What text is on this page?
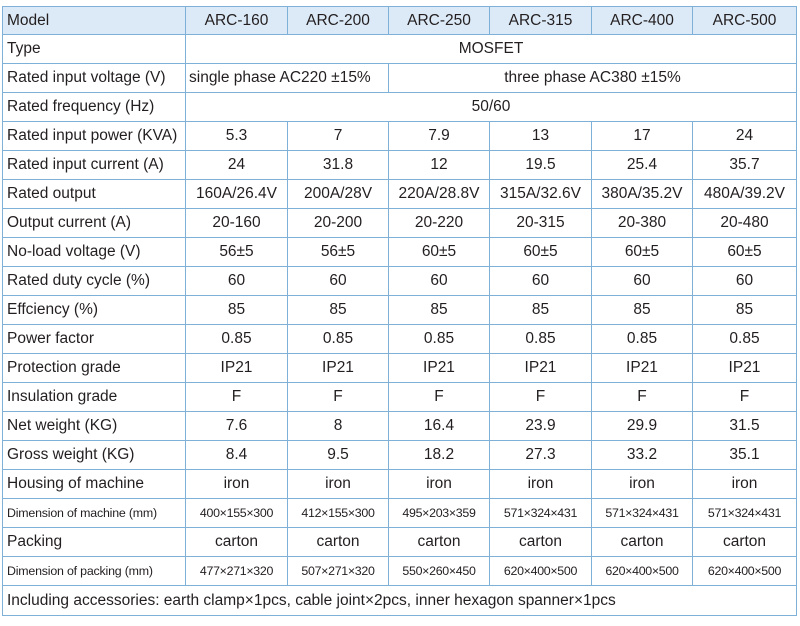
Model	ARC-160	ARC-200	ARC-250	ARC-315	ARC-400	ARC-500
Type	MOSFET					
Rated input voltage (V)	single phase AC220 ±15%		three phase AC380 ±15%			
Rated frequency (Hz)	50/60					
Rated input power (KVA)	5.3	7	7.9	13	17	24
Rated input current (A)	24	31.8	12	19.5	25.4	35.7
Rated output	160A/26.4V	200A/28V	220A/28.8V	315A/32.6V	380A/35.2V	480A/39.2V
Output current (A)	20-160	20-200	20-220	20-315	20-380	20-480
No-load voltage (V)	56±5	56±5	60±5	60±5	60±5	60±5
Rated duty cycle (%)	60	60	60	60	60	60
Effciency (%)	85	85	85	85	85	85
Power factor	0.85	0.85	0.85	0.85	0.85	0.85
Protection grade	IP21	IP21	IP21	IP21	IP21	IP21
Insulation grade	F	F	F	F	F	F
Net weight (KG)	7.6	8	16.4	23.9	29.9	31.5
Gross weight (KG)	8.4	9.5	18.2	27.3	33.2	35.1
Housing of machine	iron	iron	iron	iron	iron	iron
Dimension of machine (mm)	400×155×300	412×155×300	495×203×359	571×324×431	571×324×431	571×324×431
Packing	carton	carton	carton	carton	carton	carton
Dimension of packing (mm)	477×271×320	507×271×320	550×260×450	620×400×500	620×400×500	620×400×500
Including accessories: earth clamp×1pcs, cable joint×2pcs, inner hexagon spanner×1pcs						
